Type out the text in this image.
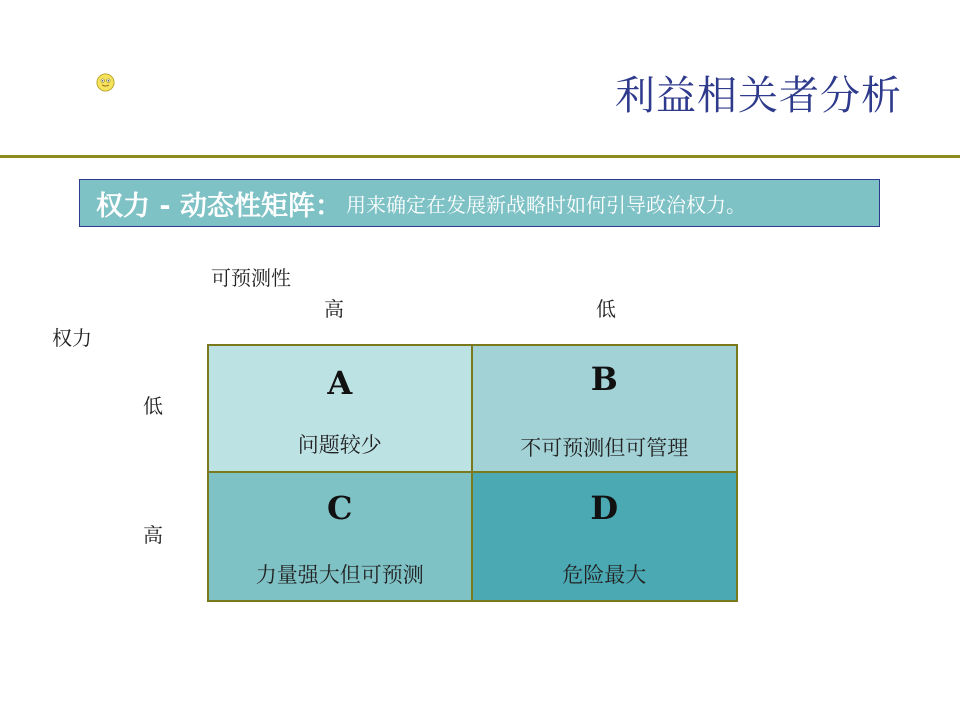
利益相关者分析
权力 - 动态性矩阵： 用来确定在发展新战略时如何引导政治权力。
可预测性
高	低
权力
低
高
A
问题较少
B
不可预测但可管理
C
力量强大但可预测
D
危险最大
